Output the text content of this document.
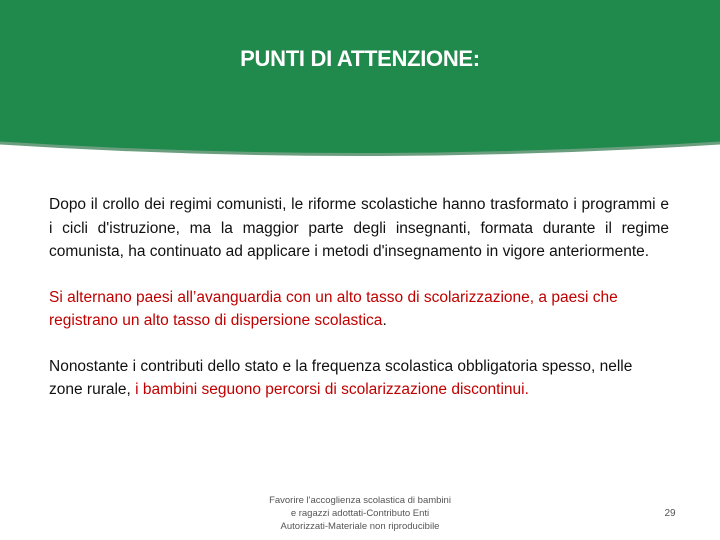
PUNTI DI ATTENZIONE:

Dopo il crollo dei regimi comunisti, le riforme scolastiche hanno trasformato i programmi e i cicli d'istruzione, ma la maggior parte degli insegnanti, formata durante il regime comunista, ha continuato ad applicare i metodi d'insegnamento in vigore anteriormente.

Si alternano paesi all’avanguardia con un alto tasso di scolarizzazione, a paesi che registrano un alto tasso di dispersione scolastica.

Nonostante i contributi dello stato e la frequenza scolastica obbligatoria spesso, nelle zone rurale, i bambini seguono percorsi di scolarizzazione discontinui.

Favorire l'accoglienza scolastica di bambini
e ragazzi adottati-Contributo Enti
Autorizzati-Materiale non riproducibile
29
